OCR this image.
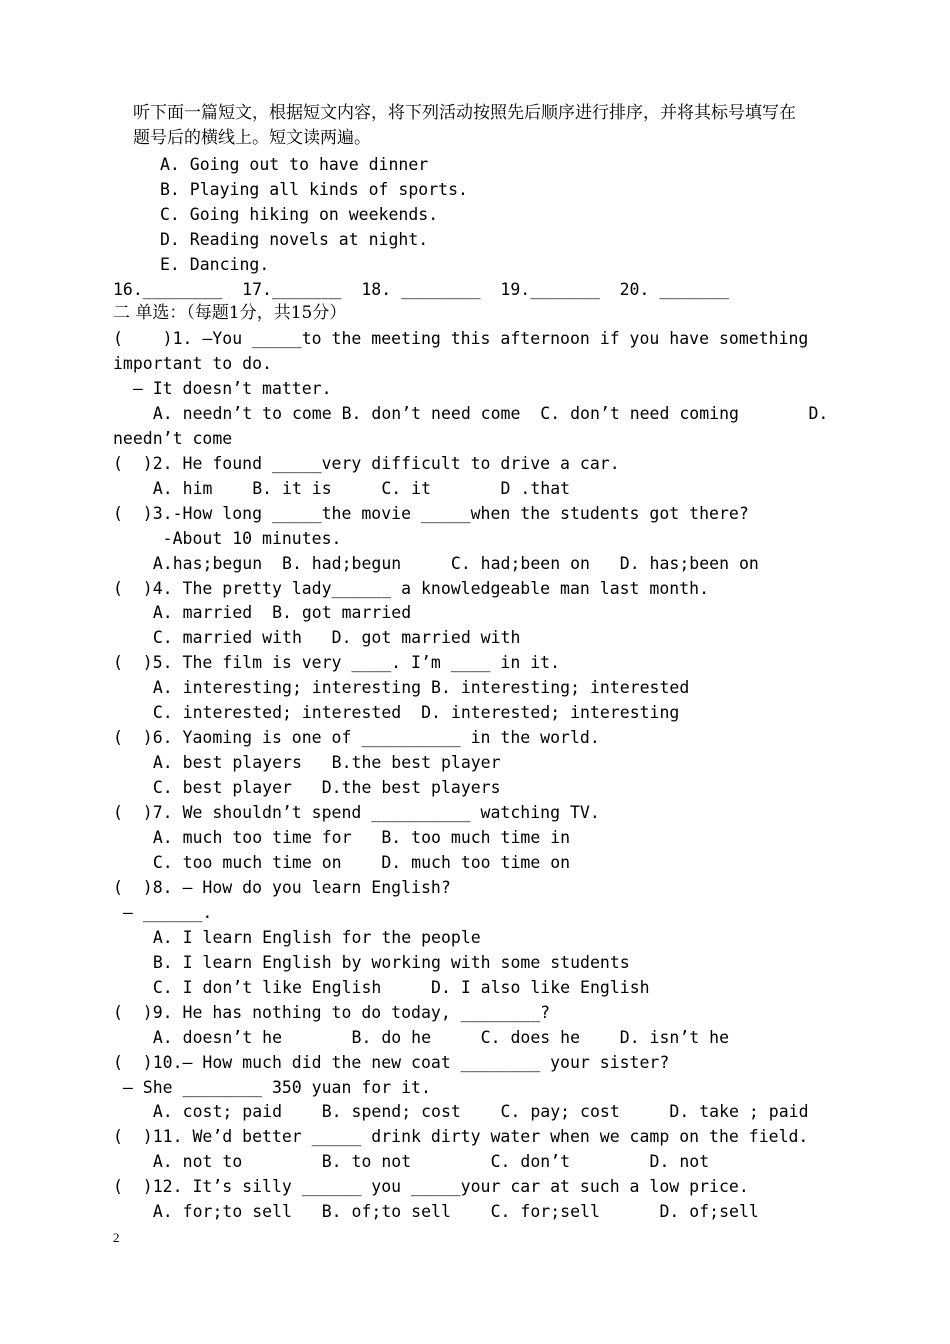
听下面一篇短文，根据短文内容，将下列活动按照先后顺序进行排序，并将其标号填写在
题号后的横线上。短文读两遍。
A. Going out to have dinner
B. Playing all kinds of sports.
C. Going hiking on weekends.
D. Reading novels at night.
E. Dancing.
16.________  17._______  18. ________  19._______  20. _______
二 单选：（每题1分，共15分）
(    )1. —You _____to the meeting this afternoon if you have something
important to do.
— It doesn’t matter.
A. needn’t to come B. don’t need come  C. don’t need coming       D.
needn’t come
(  )2. He found _____very difficult to drive a car.
A. him    B. it is     C. it       D .that
(  )3.-How long _____the movie _____when the students got there?
-About 10 minutes.
A.has;begun  B. had;begun     C. had;been on   D. has;been on
(  )4. The pretty lady______ a knowledgeable man last month.
A. married  B. got married
C. married with   D. got married with
(  )5. The film is very ____. I’m ____ in it.
A. interesting; interesting B. interesting; interested
C. interested; interested  D. interested; interesting
(  )6. Yaoming is one of __________ in the world.
A. best players   B.the best player
C. best player   D.the best players
(  )7. We shouldn’t spend __________ watching TV.
A. much too time for   B. too much time in
C. too much time on    D. much too time on
(  )8. — How do you learn English?
— ______.
A. I learn English for the people
B. I learn English by working with some students
C. I don’t like English     D. I also like English
(  )9. He has nothing to do today, ________?
A. doesn’t he       B. do he     C. does he    D. isn’t he
(  )10.— How much did the new coat ________ your sister?
— She ________ 350 yuan for it.
A. cost; paid    B. spend; cost    C. pay; cost     D. take ; paid
(  )11. We’d better _____ drink dirty water when we camp on the field.
A. not to        B. to not        C. don’t        D. not
(  )12. It’s silly ______ you _____your car at such a low price.
A. for;to sell   B. of;to sell    C. for;sell      D. of;sell
2
